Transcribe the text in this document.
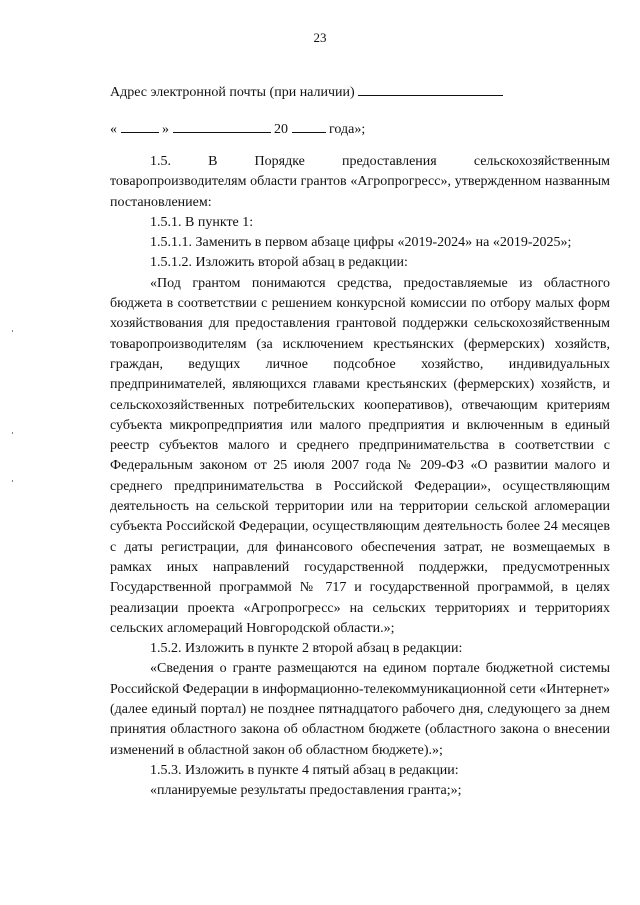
23
Адрес электронной почты (при наличии)
«	»	20	года»;

1.5. В Порядке предоставления сельскохозяйственным товаропроизводителям области грантов «Агропрогресс», утвержденном названным постановлением:

1.5.1. В пункте 1:

1.5.1.1. Заменить в первом абзаце цифры «2019-2024» на «2019-2025»;

1.5.1.2. Изложить второй абзац в редакции:

«Под грантом понимаются средства, предоставляемые из областного бюджета в соответствии с решением конкурсной комиссии по отбору малых форм хозяйствования для предоставления грантовой поддержки сельскохозяйственным товаропроизводителям (за исключением крестьянских (фермерских) хозяйств, граждан, ведущих личное подсобное хозяйство, индивидуальных предпринимателей, являющихся главами крестьянских (фермерских) хозяйств, и сельскохозяйственных потребительских кооперативов), отвечающим критериям субъекта микропредприятия или малого предприятия и включенным в единый реестр субъектов малого и среднего предпринимательства в соответствии с Федеральным законом от 25 июля 2007 года № 209-ФЗ «О развитии малого и среднего предпринимательства в Российской Федерации», осуществляющим деятельность на сельской территории или на территории сельской агломерации субъекта Российской Федерации, осуществляющим деятельность более 24 месяцев с даты регистрации, для финансового обеспечения затрат, не возмещаемых в рамках иных направлений государственной поддержки, предусмотренных Государственной программой № 717 и государственной программой, в целях реализации проекта «Агропрогресс» на сельских территориях и территориях сельских агломераций Новгородской области.»;

1.5.2. Изложить в пункте 2 второй абзац в редакции:

«Сведения о гранте размещаются на едином портале бюджетной системы Российской Федерации в информационно-телекоммуникационной сети «Интернет» (далее единый портал) не позднее пятнадцатого рабочего дня, следующего за днем принятия областного закона об областном бюджете (областного закона о внесении изменений в областной закон об областном бюджете).»;

1.5.3. Изложить в пункте 4 пятый абзац в редакции:

«планируемые результаты предоставления гранта;»;
